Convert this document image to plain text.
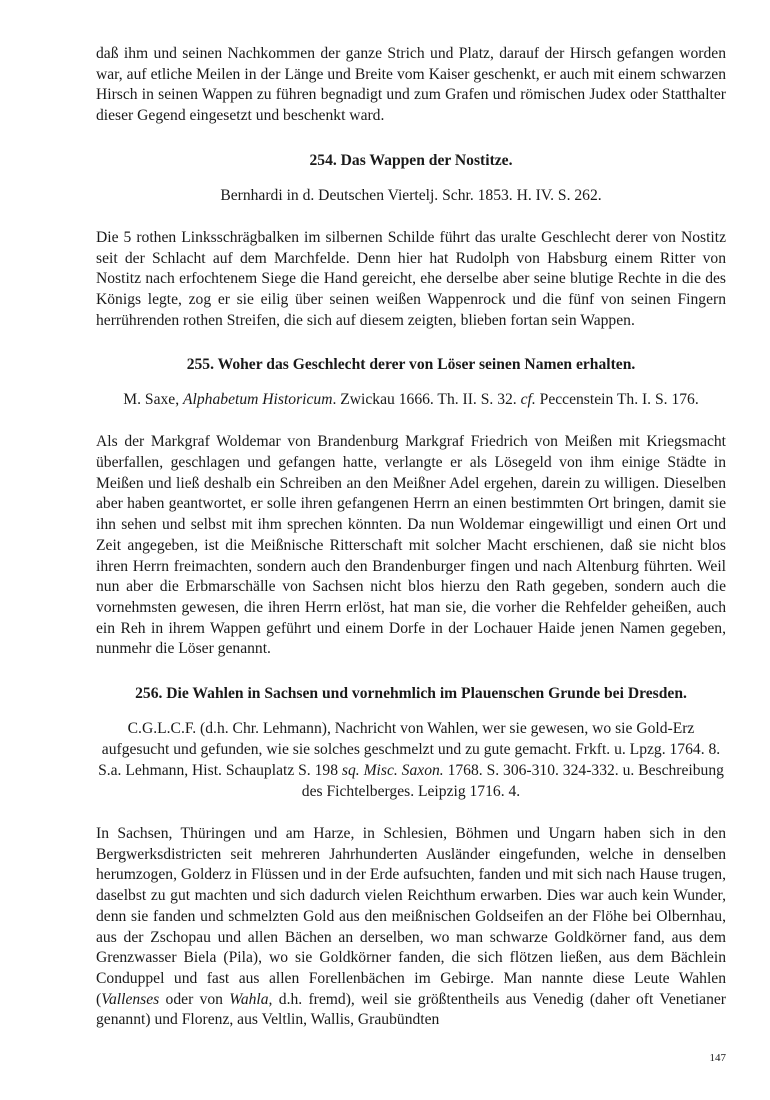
daß ihm und seinen Nachkommen der ganze Strich und Platz, darauf der Hirsch gefangen worden war, auf etliche Meilen in der Länge und Breite vom Kaiser geschenkt, er auch mit einem schwarzen Hirsch in seinen Wappen zu führen begnadigt und zum Grafen und römischen Judex oder Statthalter dieser Gegend eingesetzt und beschenkt ward.

254. Das Wappen der Nostitze.

Bernhardi in d. Deutschen Viertelj. Schr. 1853. H. IV. S. 262.

Die 5 rothen Linksschrägbalken im silbernen Schilde führt das uralte Geschlecht derer von Nostitz seit der Schlacht auf dem Marchfelde. Denn hier hat Rudolph von Habsburg einem Ritter von Nostitz nach erfochtenem Siege die Hand gereicht, ehe derselbe aber seine blutige Rechte in die des Königs legte, zog er sie eilig über seinen weißen Wappenrock und die fünf von seinen Fingern herrührenden rothen Streifen, die sich auf diesem zeigten, blieben fortan sein Wappen.

255. Woher das Geschlecht derer von Löser seinen Namen erhalten.

M. Saxe, Alphabetum Historicum. Zwickau 1666. Th. II. S. 32. cf. Peccenstein Th. I. S. 176.

Als der Markgraf Woldemar von Brandenburg Markgraf Friedrich von Meißen mit Kriegsmacht überfallen, geschlagen und gefangen hatte, verlangte er als Lösegeld von ihm einige Städte in Meißen und ließ deshalb ein Schreiben an den Meißner Adel ergehen, darein zu willigen. Dieselben aber haben geantwortet, er solle ihren gefangenen Herrn an einen bestimmten Ort bringen, damit sie ihn sehen und selbst mit ihm sprechen könnten. Da nun Woldemar eingewilligt und einen Ort und Zeit angegeben, ist die Meißnische Ritterschaft mit solcher Macht erschienen, daß sie nicht blos ihren Herrn freimachten, sondern auch den Brandenburger fingen und nach Altenburg führten. Weil nun aber die Erbmarschälle von Sachsen nicht blos hierzu den Rath gegeben, sondern auch die vornehmsten gewesen, die ihren Herrn erlöst, hat man sie, die vorher die Rehfelder geheißen, auch ein Reh in ihrem Wappen geführt und einem Dorfe in der Lochauer Haide jenen Namen gegeben, nunmehr die Löser genannt.

256. Die Wahlen in Sachsen und vornehmlich im Plauenschen Grunde bei Dresden.

C.G.L.C.F. (d.h. Chr. Lehmann), Nachricht von Wahlen, wer sie gewesen, wo sie Gold-Erz aufgesucht und gefunden, wie sie solches geschmelzt und zu gute gemacht. Frkft. u. Lpzg. 1764. 8. S.a. Lehmann, Hist. Schauplatz S. 198 sq. Misc. Saxon. 1768. S. 306-310. 324-332. u. Beschreibung des Fichtelberges. Leipzig 1716. 4.

In Sachsen, Thüringen und am Harze, in Schlesien, Böhmen und Ungarn haben sich in den Bergwerksdistricten seit mehreren Jahrhunderten Ausländer eingefunden, welche in denselben herumzogen, Golderz in Flüssen und in der Erde aufsuchten, fanden und mit sich nach Hause trugen, daselbst zu gut machten und sich dadurch vielen Reichthum erwarben. Dies war auch kein Wunder, denn sie fanden und schmelzten Gold aus den meißnischen Goldseifen an der Flöhe bei Olbernhau, aus der Zschopau und allen Bächen an derselben, wo man schwarze Goldkörner fand, aus dem Grenzwasser Biela (Pila), wo sie Goldkörner fanden, die sich flötzen ließen, aus dem Bächlein Conduppel und fast aus allen Forellenbächen im Gebirge. Man nannte diese Leute Wahlen (Vallenses oder von Wahla, d.h. fremd), weil sie größtentheils aus Venedig (daher oft Venetianer genannt) und Florenz, aus Veltlin, Wallis, Graubündten

147
